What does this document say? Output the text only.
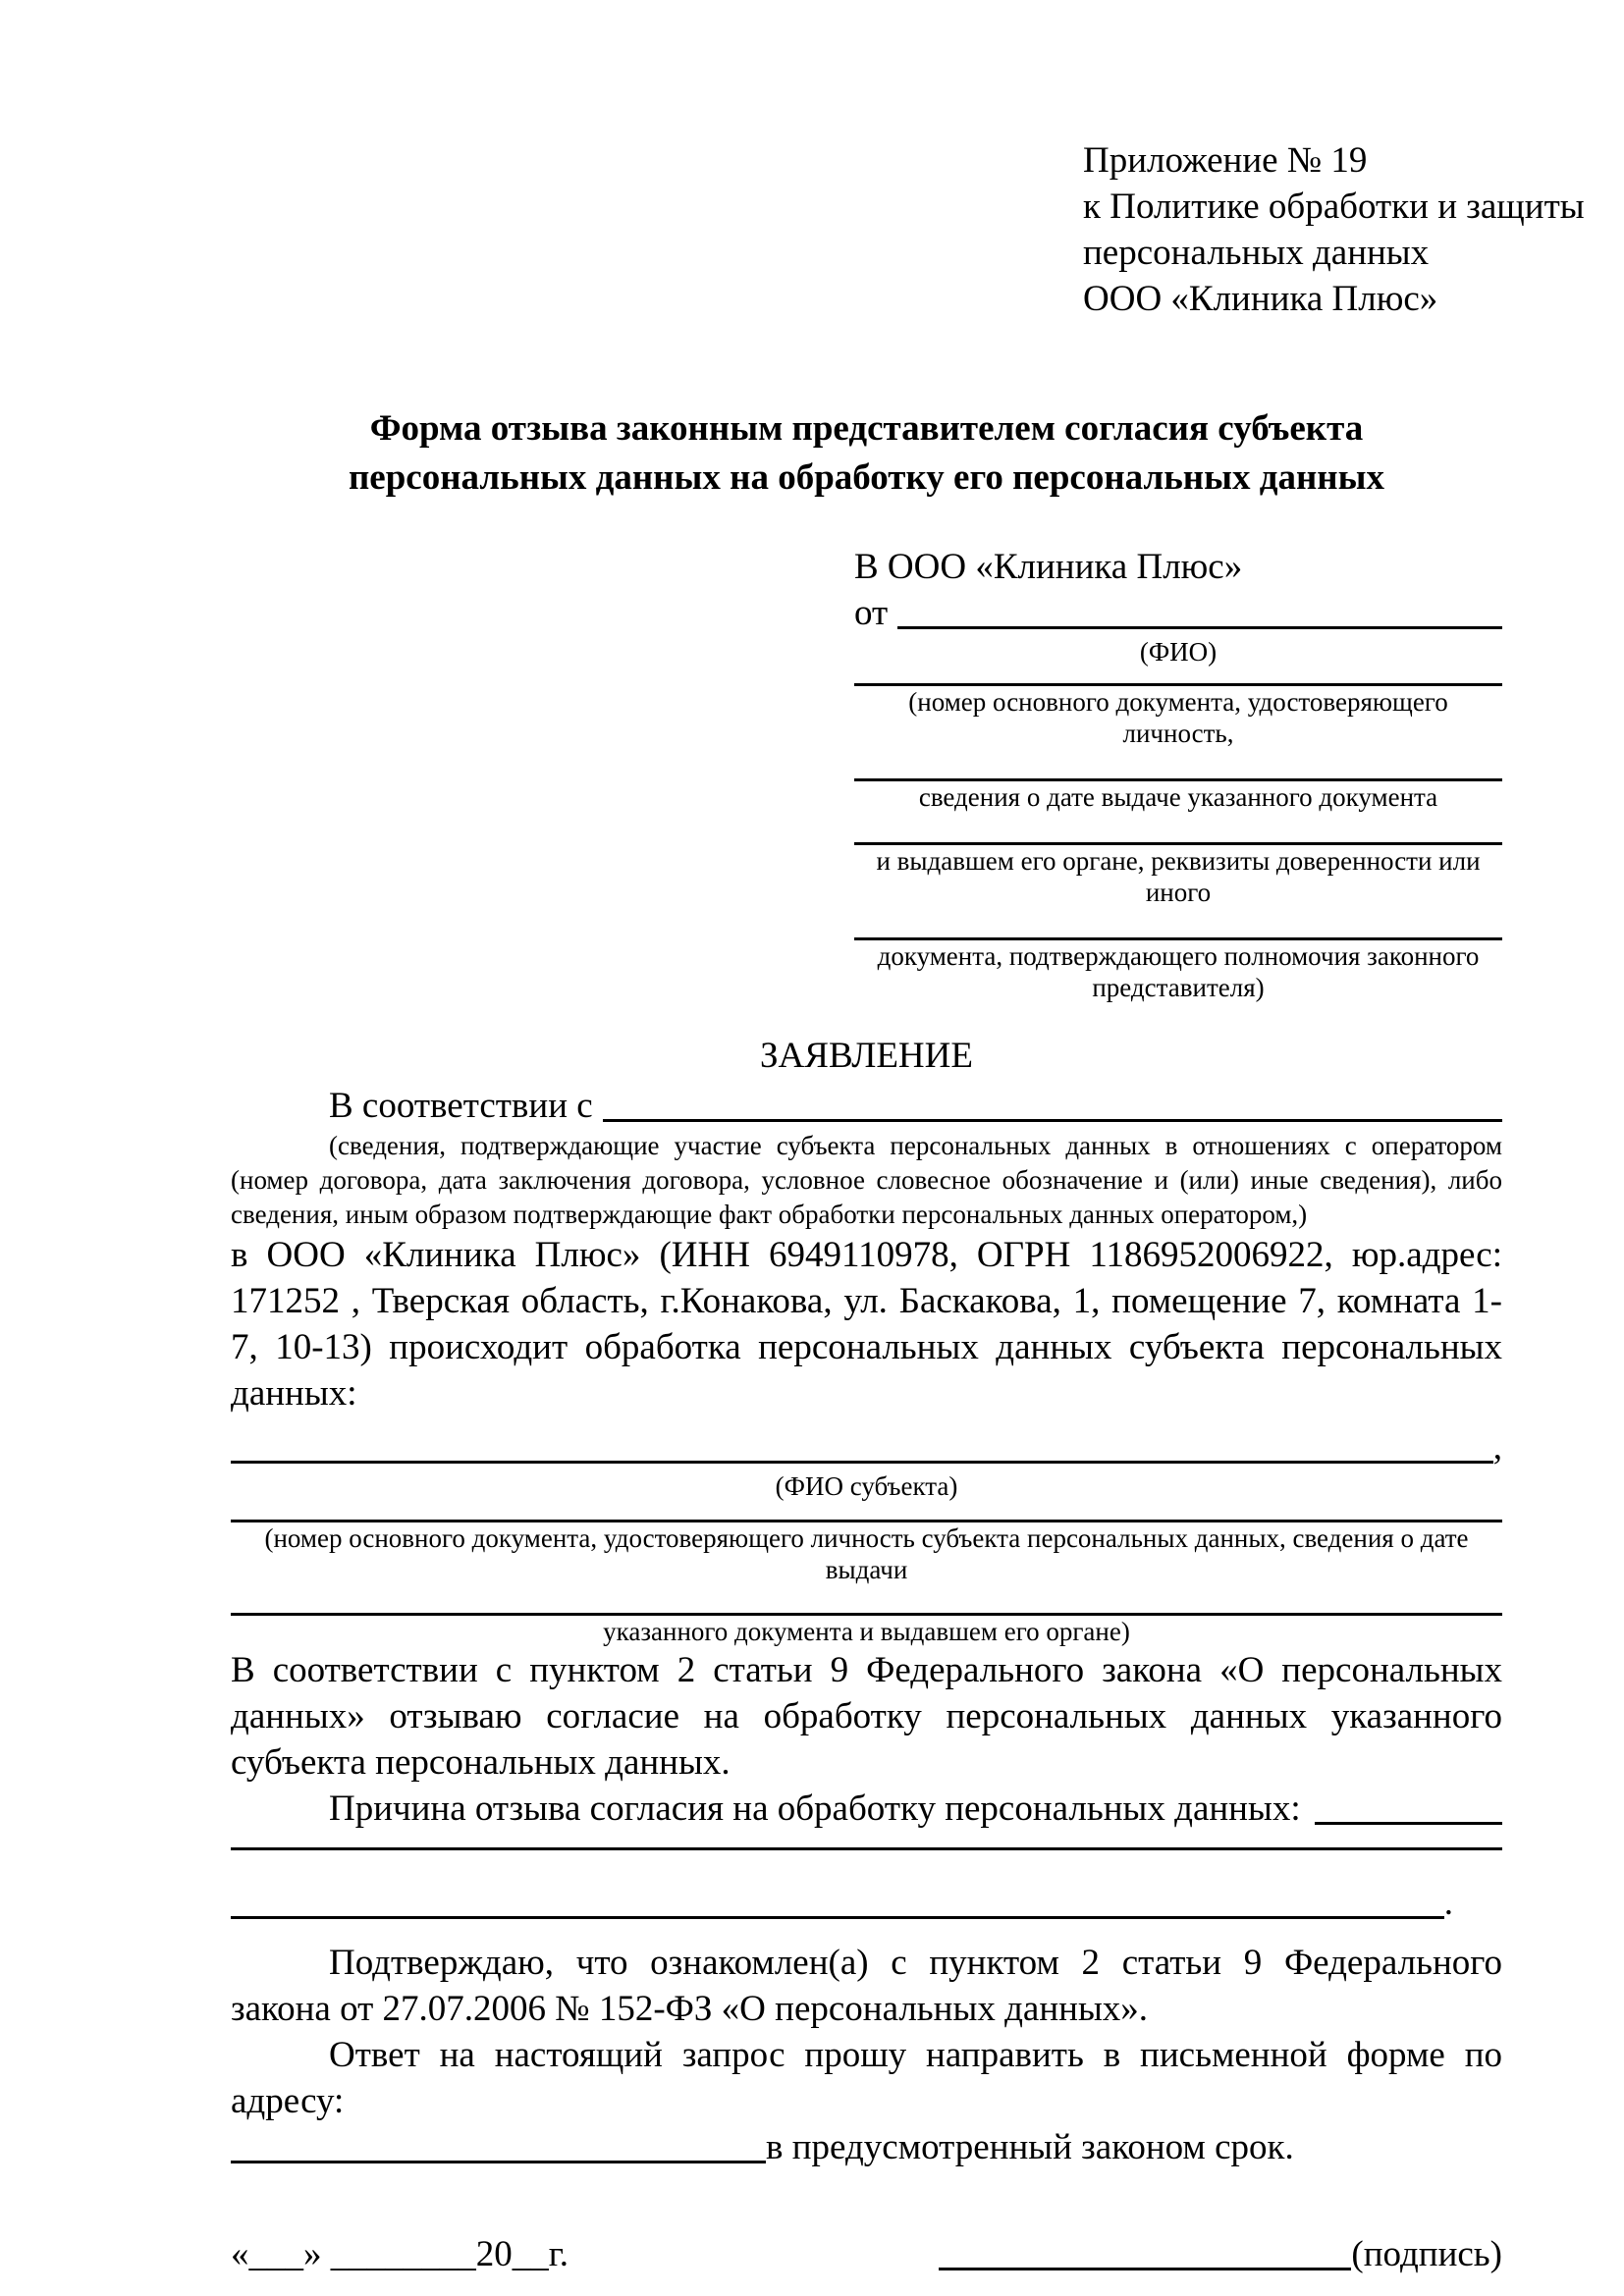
Приложение № 19
к Политике обработки и защиты
персональных данных
ООО «Клиника Плюс»
Форма отзыва законным представителем согласия субъекта
персональных данных на обработку его персональных данных
В ООО «Клиника Плюс»
от
(ФИО)
(номер основного документа, удостоверяющего личность,
сведения о дате выдаче указанного документа
и выдавшем его органе, реквизиты доверенности или иного
документа, подтверждающего полномочия законного представителя)
ЗАЯВЛЕНИЕ
В соответствии с
(сведения, подтверждающие участие субъекта персональных данных в отношениях с оператором (номер договора, дата заключения договора, условное словесное обозначение и (или) иные сведения), либо сведения, иным образом подтверждающие факт обработки персональных данных оператором,)
в ООО «Клиника Плюс» (ИНН 6949110978, ОГРН 1186952006922, юр.адрес: 171252 , Тверская область, г.Конакова, ул. Баскакова, 1, помещение 7, комната 1-7, 10-13) происходит обработка персональных данных субъекта персональных данных:
,
(ФИО субъекта)
(номер основного документа, удостоверяющего личность субъекта персональных данных, сведения о дате выдачи
указанного документа и выдавшем его органе)
В соответствии с пунктом 2 статьи 9 Федерального закона «О персональных данных» отзываю согласие на обработку персональных данных указанного субъекта персональных данных.
Причина отзыва согласия на обработку персональных данных:
.
Подтверждаю, что ознакомлен(а) с пунктом 2 статьи 9 Федерального закона от 27.07.2006 № 152-ФЗ «О персональных данных».
Ответ на настоящий запрос прошу направить в письменной форме по адресу:
в предусмотренный законом срок.
«___» ________20__г.	(подпись)
